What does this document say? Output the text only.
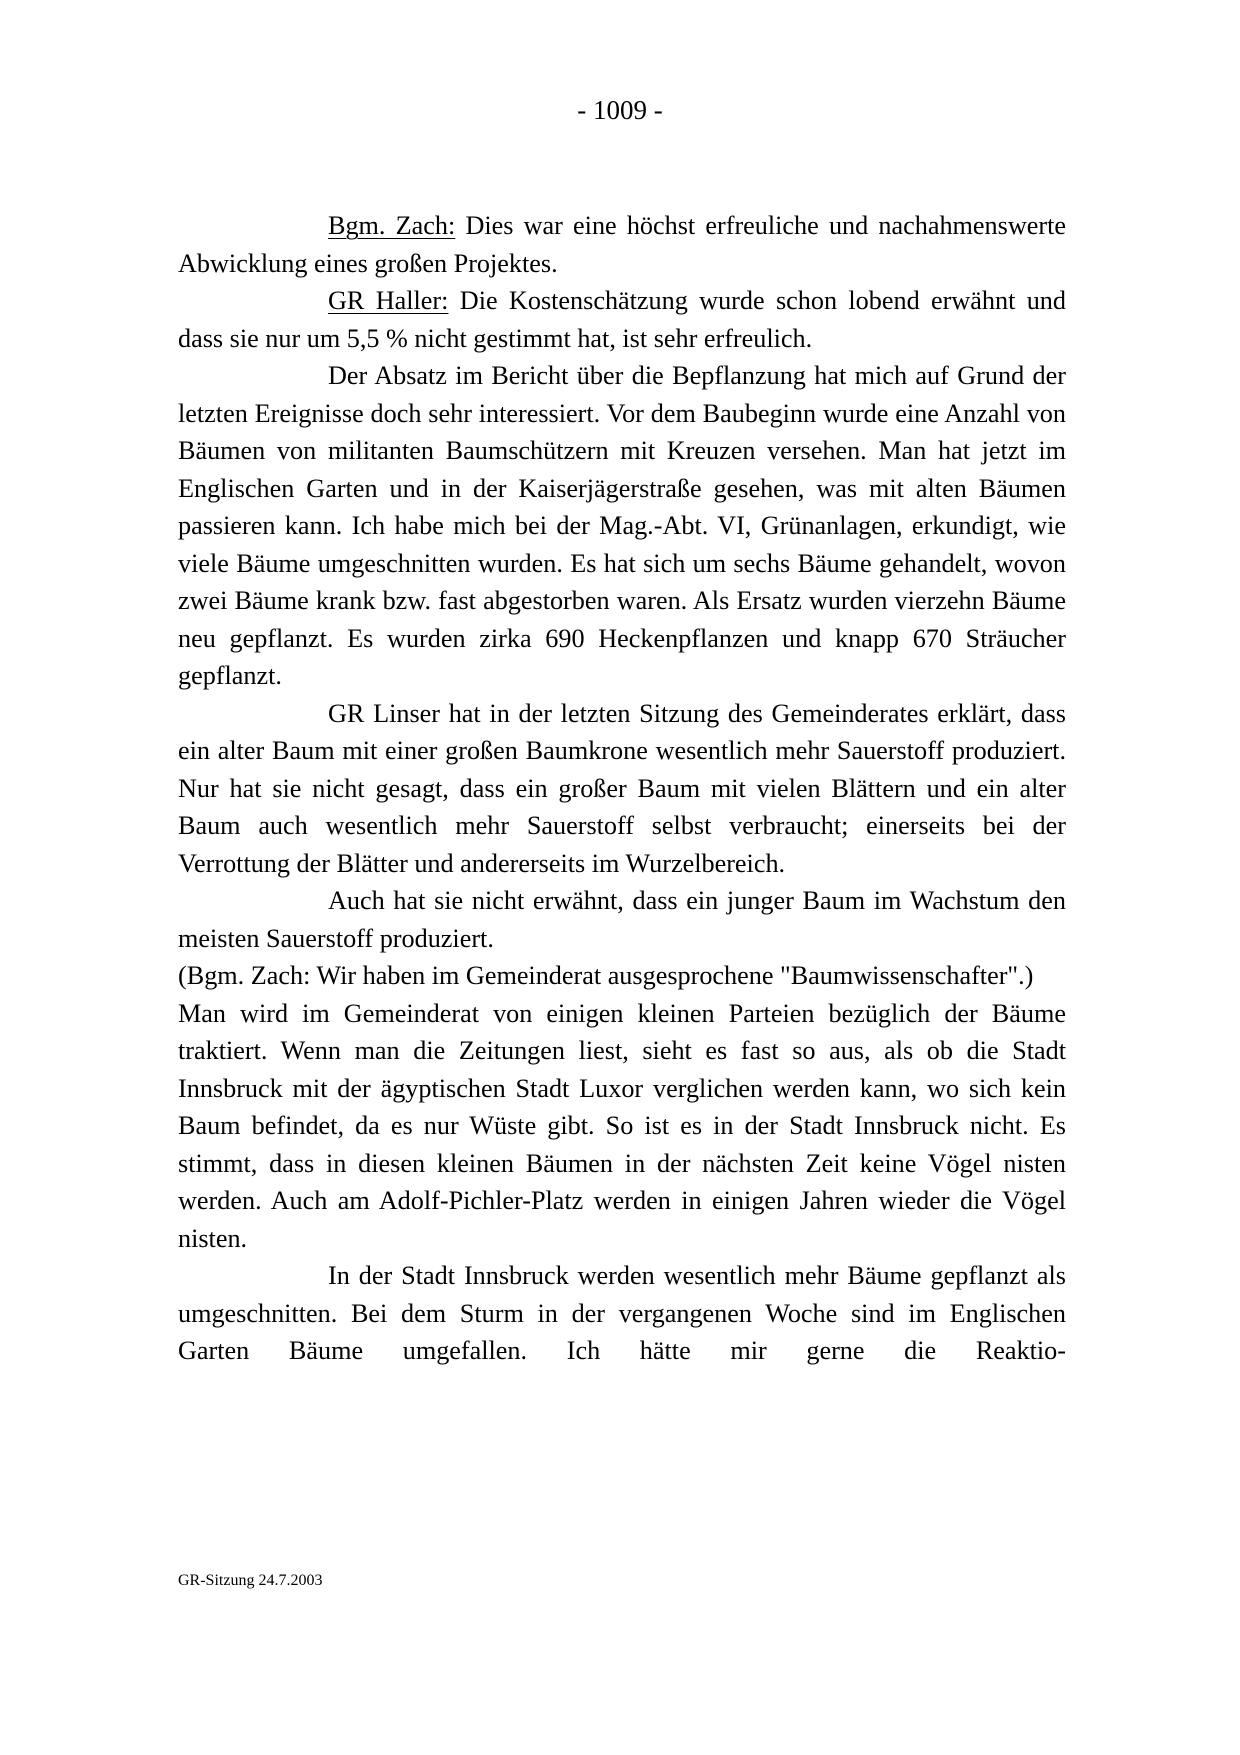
- 1009 -

Bgm. Zach: Dies war eine höchst erfreuliche und nachahmenswerte Abwicklung eines großen Projektes.

GR Haller: Die Kostenschätzung wurde schon lobend erwähnt und dass sie nur um 5,5 % nicht gestimmt hat, ist sehr erfreulich.

Der Absatz im Bericht über die Bepflanzung hat mich auf Grund der letzten Ereignisse doch sehr interessiert. Vor dem Baubeginn wurde eine Anzahl von Bäumen von militanten Baumschützern mit Kreuzen versehen. Man hat jetzt im Englischen Garten und in der Kaiserjägerstraße gesehen, was mit alten Bäumen passieren kann. Ich habe mich bei der Mag.-Abt. VI, Grünanlagen, erkundigt, wie viele Bäume umgeschnitten wurden. Es hat sich um sechs Bäume gehandelt, wovon zwei Bäume krank bzw. fast abgestorben waren. Als Ersatz wurden vierzehn Bäume neu gepflanzt. Es wurden zirka 690 Heckenpflanzen und knapp 670 Sträucher gepflanzt.

GR Linser hat in der letzten Sitzung des Gemeinderates erklärt, dass ein alter Baum mit einer großen Baumkrone wesentlich mehr Sauerstoff produziert. Nur hat sie nicht gesagt, dass ein großer Baum mit vielen Blättern und ein alter Baum auch wesentlich mehr Sauerstoff selbst verbraucht; einerseits bei der Verrottung der Blätter und andererseits im Wurzelbereich.

Auch hat sie nicht erwähnt, dass ein junger Baum im Wachstum den meisten Sauerstoff produziert.

(Bgm. Zach: Wir haben im Gemeinderat ausgesprochene "Baumwissenschafter".)

Man wird im Gemeinderat von einigen kleinen Parteien bezüglich der Bäume traktiert. Wenn man die Zeitungen liest, sieht es fast so aus, als ob die Stadt Innsbruck mit der ägyptischen Stadt Luxor verglichen werden kann, wo sich kein Baum befindet, da es nur Wüste gibt. So ist es in der Stadt Innsbruck nicht. Es stimmt, dass in diesen kleinen Bäumen in der nächsten Zeit keine Vögel nisten werden. Auch am Adolf-Pichler-Platz werden in einigen Jahren wieder die Vögel nisten.

In der Stadt Innsbruck werden wesentlich mehr Bäume gepflanzt als umgeschnitten. Bei dem Sturm in der vergangenen Woche sind im Englischen Garten Bäume umgefallen. Ich hätte mir gerne die Reaktio-

GR-Sitzung 24.7.2003
